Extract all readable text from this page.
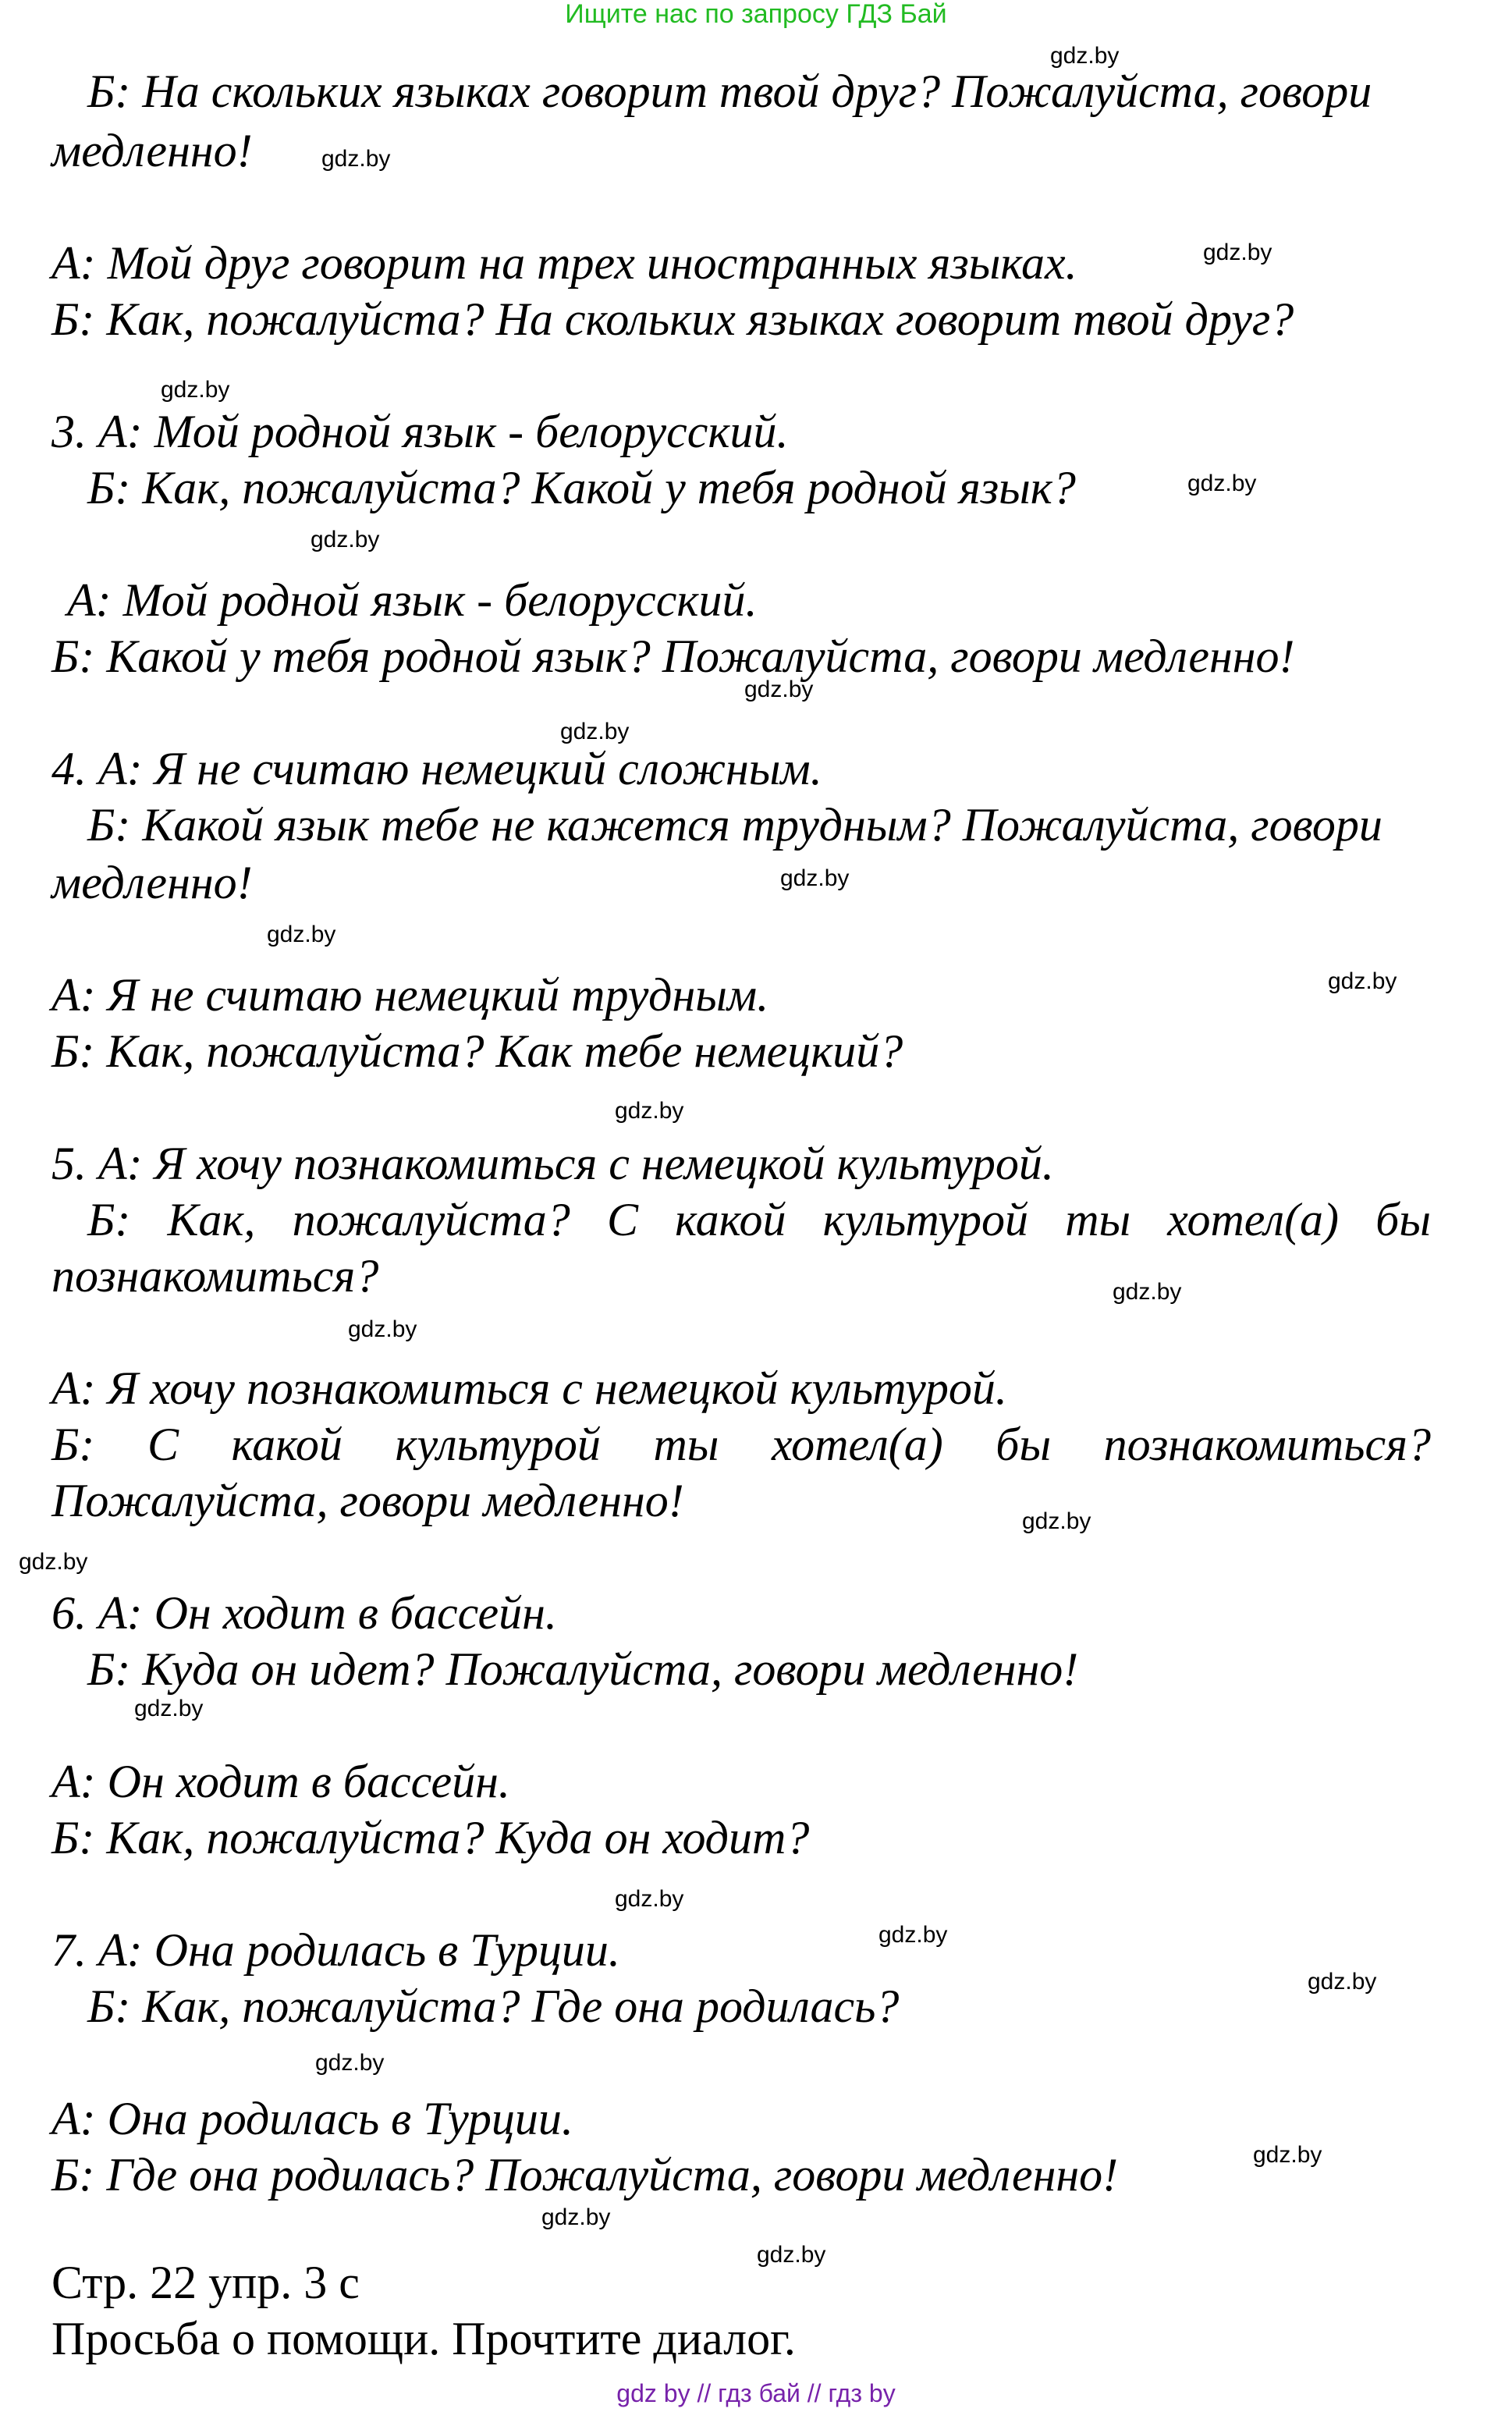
Ищите нас по запросу ГДЗ Бай
Б: На скольких языках говорит твой друг? Пожалуйста, говори
медленно!
А: Мой друг говорит на трех иностранных языках.
Б: Как, пожалуйста? На скольких языках говорит твой друг?
3. А: Мой родной язык - белорусский.
Б: Как, пожалуйста? Какой у тебя родной язык?
А: Мой родной язык - белорусский.
Б: Какой у тебя родной язык? Пожалуйста, говори медленно!
4. А: Я не считаю немецкий сложным.
Б: Какой язык тебе не кажется трудным? Пожалуйста, говори
медленно!
А: Я не считаю немецкий трудным.
Б: Как, пожалуйста? Как тебе немецкий?
5. А: Я хочу познакомиться с немецкой культурой.
Б: Как, пожалуйста? С какой культурой ты хотел(а) бы
познакомиться?
А: Я хочу познакомиться с немецкой культурой.
Б: С какой культурой ты хотел(а) бы познакомиться?
Пожалуйста, говори медленно!
6. А: Он ходит в бассейн.
Б: Куда он идет? Пожалуйста, говори медленно!
А: Он ходит в бассейн.
Б: Как, пожалуйста? Куда он ходит?
7. А: Она родилась в Турции.
Б: Как, пожалуйста? Где она родилась?
А: Она родилась в Турции.
Б: Где она родилась? Пожалуйста, говори медленно!
Стр. 22 упр. 3 c
Просьба о помощи. Прочтите диалог.
gdz.by
gdz.by
gdz.by
gdz.by
gdz.by
gdz.by
gdz.by
gdz.by
gdz.by
gdz.by
gdz.by
gdz.by
gdz.by
gdz.by
gdz.by
gdz.by
gdz.by
gdz.by
gdz.by
gdz.by
gdz.by
gdz.by
gdz.by
gdz.by
gdz by // гдз бай // гдз by
